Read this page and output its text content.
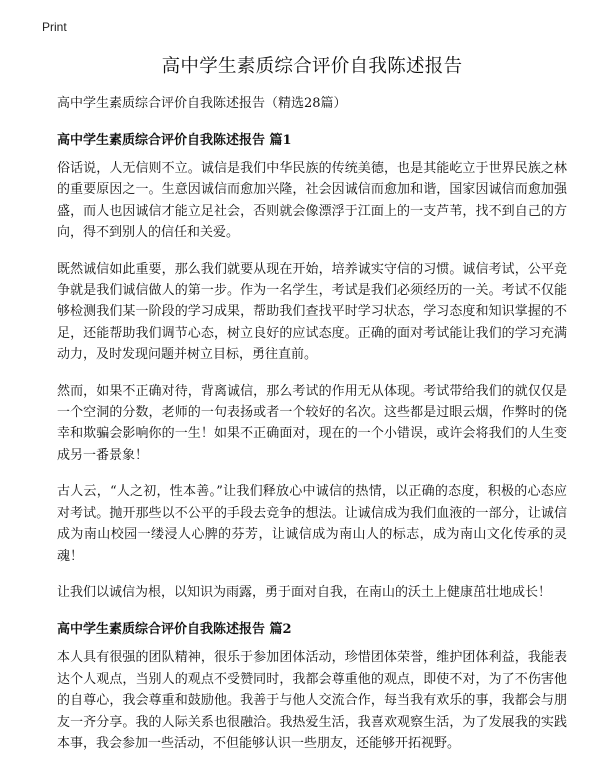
Print
高中学生素质综合评价自我陈述报告

高中学生素质综合评价自我陈述报告（精选28篇）

高中学生素质综合评价自我陈述报告 篇1

俗话说，人无信则不立。诚信是我们中华民族的传统美德，也是其能屹立于世界民族之林的重要原因之一。生意因诚信而愈加兴隆，社会因诚信而愈加和谐，国家因诚信而愈加强盛，而人也因诚信才能立足社会，否则就会像漂浮于江面上的一支芦苇，找不到自己的方向，得不到别人的信任和关爱。

既然诚信如此重要，那么我们就要从现在开始，培养诚实守信的习惯。诚信考试，公平竞争就是我们诚信做人的第一步。作为一名学生，考试是我们必须经历的一关。考试不仅能够检测我们某一阶段的学习成果，帮助我们查找平时学习状态，学习态度和知识掌握的不足，还能帮助我们调节心态，树立良好的应试态度。正确的面对考试能让我们的学习充满动力，及时发现问题并树立目标，勇往直前。

然而，如果不正确对待，背离诚信，那么考试的作用无从体现。考试带给我们的就仅仅是一个空洞的分数，老师的一句表扬或者一个较好的名次。这些都是过眼云烟，作弊时的侥幸和欺骗会影响你的一生！如果不正确面对，现在的一个小错误，或许会将我们的人生变成另一番景象！

古人云，“人之初，性本善。”让我们释放心中诚信的热情，以正确的态度，积极的心态应对考试。抛开那些以不公平的手段去竞争的想法。让诚信成为我们血液的一部分，让诚信成为南山校园一缕浸人心脾的芬芳，让诚信成为南山人的标志，成为南山文化传承的灵魂！

让我们以诚信为根，以知识为雨露，勇于面对自我，在南山的沃土上健康茁壮地成长！

高中学生素质综合评价自我陈述报告 篇2

本人具有很强的团队精神，很乐于参加团体活动，珍惜团体荣誉，维护团体利益，我能表达个人观点，当别人的观点不受赞同时，我都会尊重他的观点，即使不对，为了不伤害他的自尊心，我会尊重和鼓励他。我善于与他人交流合作，每当我有欢乐的事，我都会与朋友一齐分享。我的人际关系也很融洽。我热爱生活，我喜欢观察生活，为了发展我的实践本事，我会参加一些活动，不但能够认识一些朋友，还能够开拓视野。
